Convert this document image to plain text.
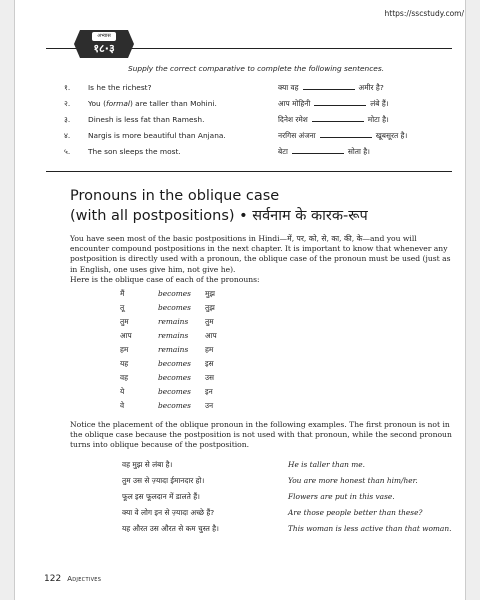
https://sscstudy.com/
अभ्यास
१८·३
Supply the correct comparative to complete the following sentences.
१.	Is he the richest?	क्या वह	अमीर है?
२.	You (formal) are taller than Mohini.	आप मोहिनी	लंबे हैं।
३.	Dinesh is less fat than Ramesh.	दिनेश रमेश	मोटा है।
४.	Nargis is more beautiful than Anjana.	नरगिस अंजना	खूबसूरत है।
५.	The son sleeps the most.	बेटा	सोता है।
Pronouns in the oblique case
(with all postpositions) • सर्वनाम के कारक-रूप

You have seen most of the basic postpositions in Hindi—में, पर, को, से, का, की, के—and you will encounter compound postpositions in the next chapter. It is important to know that whenever any postposition is directly used with a pronoun, the oblique case of the pronoun must be used (just as in English, one uses give him, not give he).

Here is the oblique case of each of the pronouns:

मैं	becomes मुझ
तू	becomes तुझ
तुम	remains तुम
आप	remains आप
हम	remains हम
यह	becomes इस
वह	becomes उस
ये	becomes इन
वे	becomes उन

Notice the placement of the oblique pronoun in the following examples. The first pronoun is not in the oblique case because the postposition is not used with that pronoun, while the second pronoun turns into oblique because of the postposition.

वह मुझ से लंबा है।	He is taller than me.
तुम उस से ज़्यादा ईमानदार हो।	You are more honest than him/her.
फूल इस फूलदान में डालते हैं।	Flowers are put in this vase.
क्या वे लोग इन से ज़्यादा अच्छे हैं?	Are those people better than these?
यह औरत उस औरत से कम चुस्त है।	This woman is less active than that woman.
122 Adjectives
